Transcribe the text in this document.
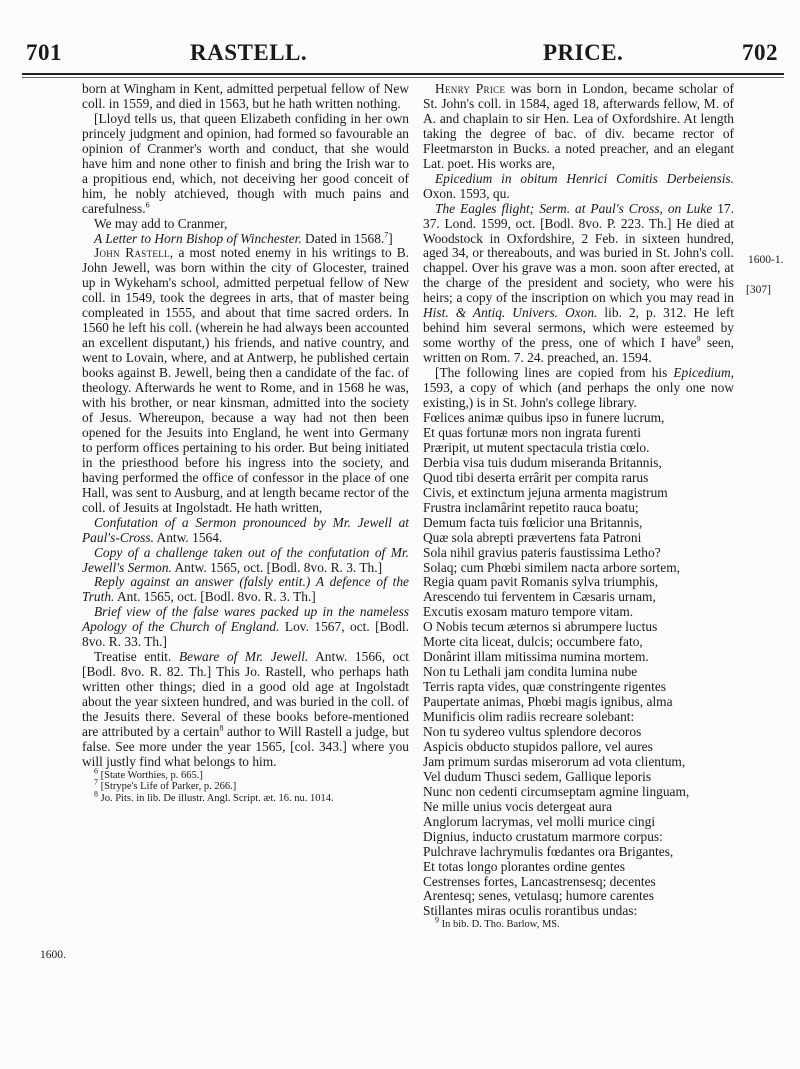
701	RASTELL.	PRICE.	702
1600.
1600-1.
[307]

born at Wingham in Kent, admitted perpetual fellow of New coll. in 1559, and died in 1563, but he hath written nothing.

[Lloyd tells us, that queen Elizabeth confiding in her own princely judgment and opinion, had formed so favourable an opinion of Cranmer's worth and conduct, that she would have him and none other to finish and bring the Irish war to a propitious end, which, not deceiving her good conceit of him, he nobly atchieved, though with much pains and carefulness.$^6$

We may add to Cranmer,

A Letter to Horn Bishop of Winchester. Dated in 1568.$^7$]

John Rastell, a most noted enemy in his writings to B. John Jewell, was born within the city of Glocester, trained up in Wykeham's school, admitted perpetual fellow of New coll. in 1549, took the degrees in arts, that of master being compleated in 1555, and about that time sacred orders. In 1560 he left his coll. (wherein he had always been accounted an excellent disputant,) his friends, and native country, and went to Lovain, where, and at Antwerp, he published certain books against B. Jewell, being then a candidate of the fac. of theology. Afterwards he went to Rome, and in 1568 he was, with his brother, or near kinsman, admitted into the society of Jesus. Whereupon, because a way had not then been opened for the Jesuits into England, he went into Germany to perform offices pertaining to his order. But being initiated in the priesthood before his ingress into the society, and having performed the office of confessor in the place of one Hall, was sent to Ausburg, and at length became rector of the coll. of Jesuits at Ingolstadt. He hath written,

Confutation of a Sermon pronounced by Mr. Jewell at Paul's-Cross. Antw. 1564.

Copy of a challenge taken out of the confutation of Mr. Jewell's Sermon. Antw. 1565, oct. [Bodl. 8vo. R. 3. Th.]

Reply against an answer (falsly entit.) A defence of the Truth. Ant. 1565, oct. [Bodl. 8vo. R. 3. Th.]

Brief view of the false wares packed up in the nameless Apology of the Church of England. Lov. 1567, oct. [Bodl. 8vo. R. 33. Th.]

Treatise entit. Beware of Mr. Jewell. Antw. 1566, oct [Bodl. 8vo. R. 82. Th.] This Jo. Rastell, who perhaps hath written other things; died in a good old age at Ingolstadt about the year sixteen hundred, and was buried in the coll. of the Jesuits there. Several of these books before-mentioned are attributed by a certain$^8$ author to Will Rastell a judge, but false. See more under the year 1565, [col. 343.] where you will justly find what belongs to him.

$^6$ [State Worthies, p. 665.]

$^7$ [Strype's Life of Parker, p. 266.]

$^8$ Jo. Pits. in lib. De illustr. Angl. Script. æt. 16. nu. 1014.

Henry Price was born in London, became scholar of St. John's coll. in 1584, aged 18, afterwards fellow, M. of A. and chaplain to sir Hen. Lea of Oxfordshire. At length taking the degree of bac. of div. became rector of Fleetmarston in Bucks. a noted preacher, and an elegant Lat. poet. His works are,

Epicedium in obitum Henrici Comitis Derbeiensis. Oxon. 1593, qu.

The Eagles flight; Serm. at Paul's Cross, on Luke 17. 37. Lond. 1599, oct. [Bodl. 8vo. P. 223. Th.] He died at Woodstock in Oxfordshire, 2 Feb. in sixteen hundred, aged 34, or thereabouts, and was buried in St. John's coll. chappel. Over his grave was a mon. soon after erected, at the charge of the president and society, who were his heirs; a copy of the inscription on which you may read in Hist. & Antiq. Univers. Oxon. lib. 2, p. 312. He left behind him several sermons, which were esteemed by some worthy of the press, one of which I have$^9$ seen, written on Rom. 7. 24. preached, an. 1594.

[The following lines are copied from his Epicedium, 1593, a copy of which (and perhaps the only one now existing,) is in St. John's college library.

Fœlices animæ quibus ipso in funere lucrum,

Et quas fortunæ mors non ingrata furenti

Præripit, ut mutent spectacula tristia cœlo.

Derbia visa tuis dudum miseranda Britannis,

Quod tibi deserta errârit per compita rarus

Civis, et extinctum jejuna armenta magistrum

Frustra inclamârint repetito rauca boatu;

Demum facta tuis fœlicior una Britannis,

Quæ sola abrepti prævertens fata Patroni

Sola nihil gravius pateris faustissima Letho?

Solaq; cum Phœbi similem nacta arbore sortem,

Regia quam pavit Romanis sylva triumphis,

Arescendo tui ferventem in Cæsaris urnam,

Excutis exosam maturo tempore vitam.

O Nobis tecum æternos si abrumpere luctus

Morte cita liceat, dulcis; occumbere fato,

Donârint illam mitissima numina mortem.

Non tu Lethali jam condita lumina nube

Terris rapta vides, quæ constringente rigentes

Paupertate animas, Phœbi magis ignibus, alma

Munificis olim radiis recreare solebant:

Non tu sydereo vultus splendore decoros

Aspicis obducto stupidos pallore, vel aures

Jam primum surdas miserorum ad vota clientum,

Vel dudum Thusci sedem, Gallique leporis

Nunc non cedenti circumseptam agmine linguam,

Ne mille unius vocis detergeat aura

Anglorum lacrymas, vel molli murice cingi

Dignius, inducto crustatum marmore corpus:

Pulchrave lachrymulis fœdantes ora Brigantes,

Et totas longo plorantes ordine gentes

Cestrenses fortes, Lancastrensesq; decentes

Arentesq; senes, vetulasq; humore carentes

Stillantes miras oculis rorantibus undas:

$^9$ In bib. D. Tho. Barlow, MS.
